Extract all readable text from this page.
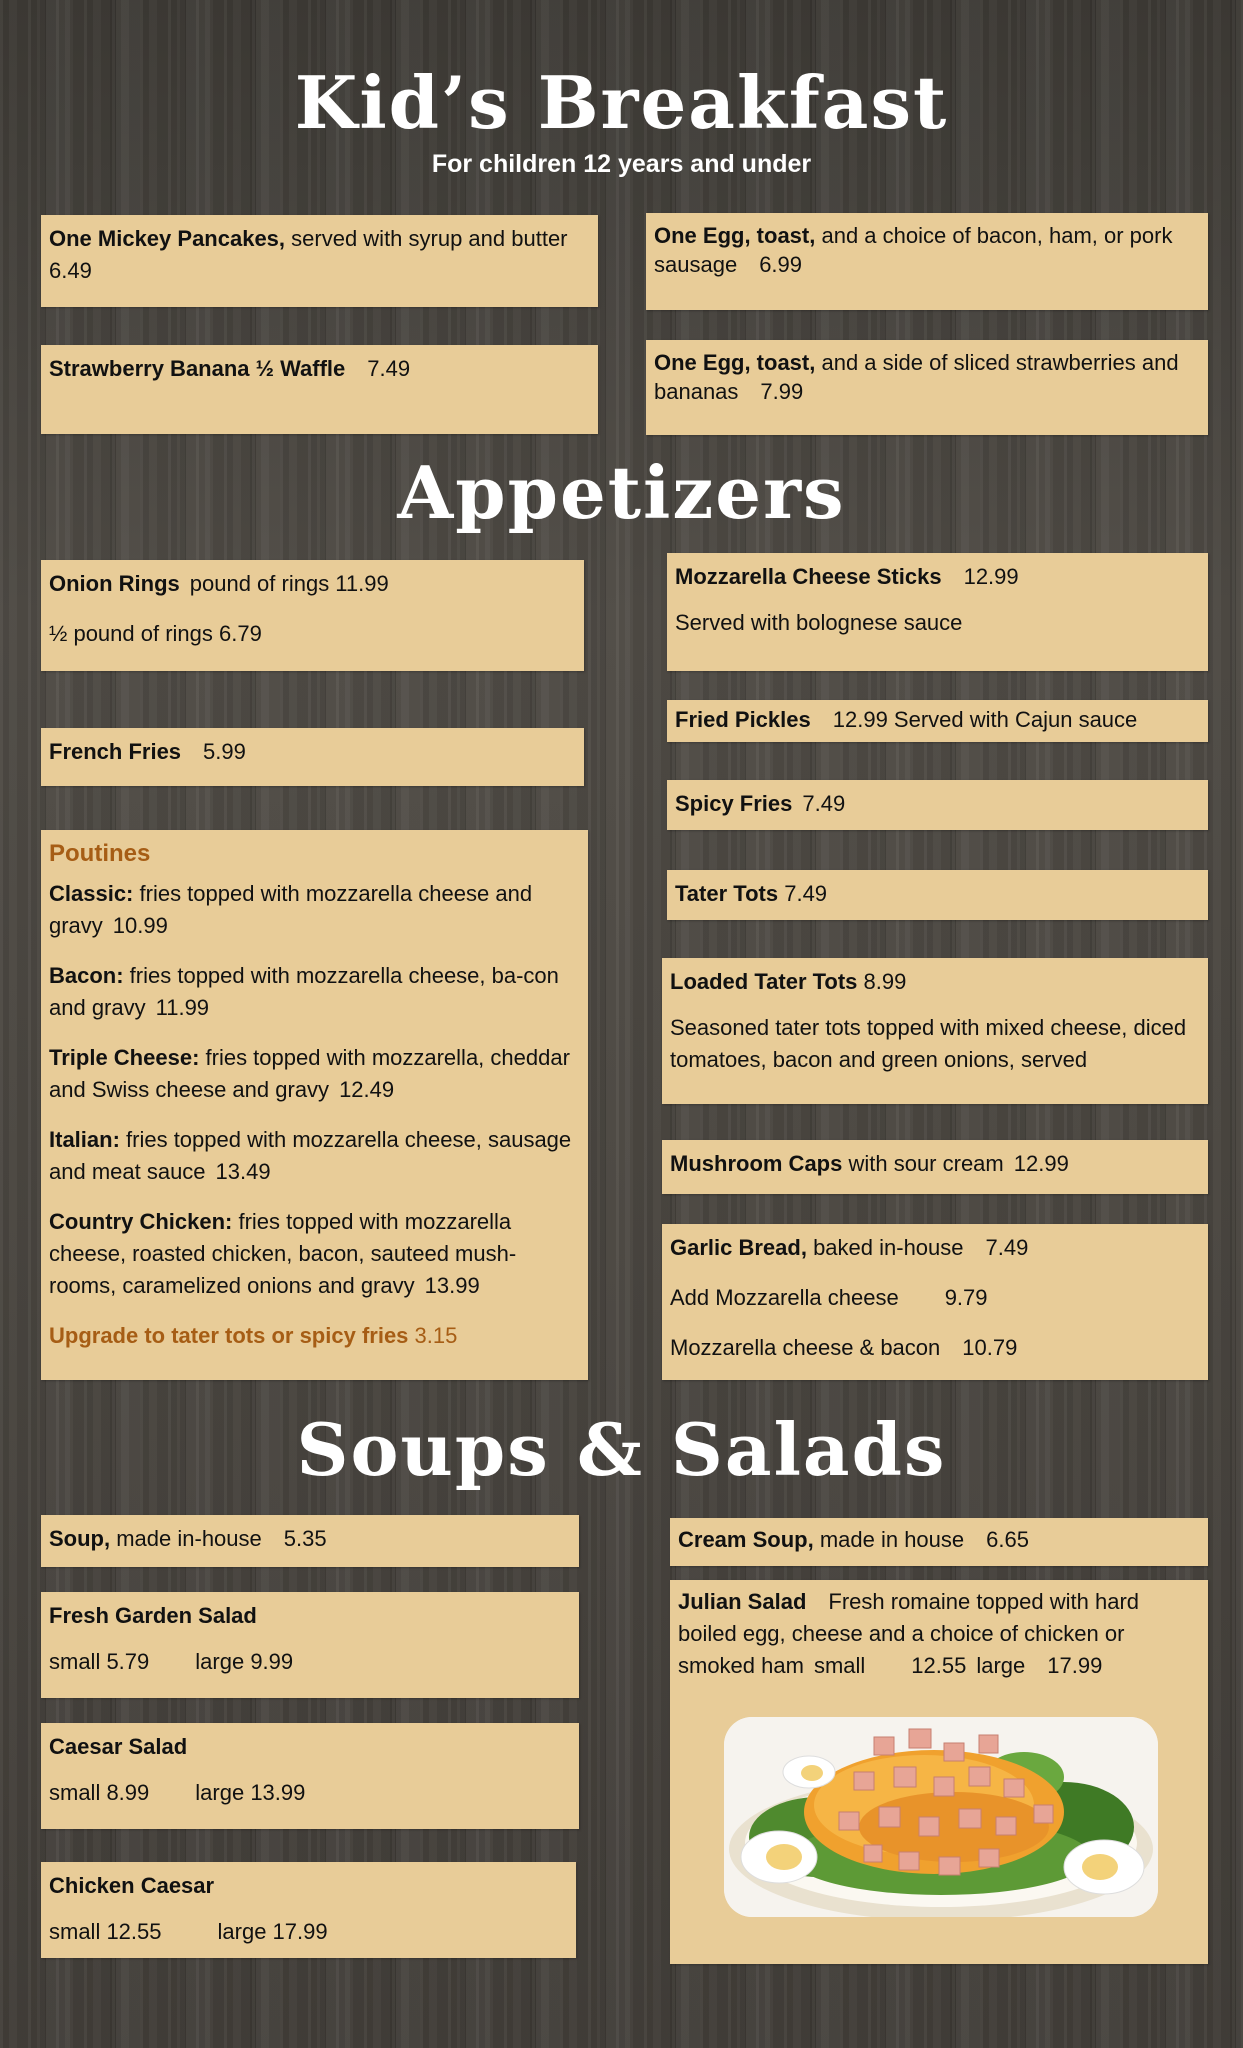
Kid’s Breakfast
For children 12 years and under
One Mickey Pancakes, served with syrup and butter6.49
Strawberry Banana ½ Waffle 7.49
One Egg, toast, and a choice of bacon, ham, or pork sausage 6.99
One Egg, toast, and a side of sliced strawberries and bananas 7.99
Appetizers

Onion Rings pound of rings 11.99

½ pound of rings 6.79

French Fries 5.99

Poutines

Classic: fries topped with mozzarella cheese and gravy 10.99

Bacon: fries topped with mozzarella cheese, ba-con and gravy 11.99

Triple Cheese: fries topped with mozzarella, cheddar and Swiss cheese and gravy 12.49

Italian: fries topped with mozzarella cheese, sausage and meat sauce 13.49

Country Chicken: fries topped with mozzarella cheese, roasted chicken, bacon, sauteed mush-rooms, caramelized onions and gravy 13.99

Upgrade to tater tots or spicy fries 3.15

Mozzarella Cheese Sticks 12.99

Served with bolognese sauce

Fried Pickles 12.99 Served with Cajun sauce
Spicy Fries 7.49
Tater Tots 7.49

Loaded Tater Tots 8.99

Seasoned tater tots topped with mixed cheese, diced tomatoes, bacon and green onions, served

Mushroom Caps with sour cream 12.99

Garlic Bread, baked in-house 7.49

Add Mozzarella cheese 9.79

Mozzarella cheese & bacon 10.79

Soups & Salads
Soup, made in-house 5.35

Fresh Garden Salad

small 5.79 large 9.99

Caesar Salad

small 8.99 large 13.99

Chicken Caesar

small 12.55	large 17.99

Cream Soup, made in house 6.65

Julian Salad Fresh romaine topped with hard boiled egg, cheese and a choice of chicken or smoked ham small 12.55 large 17.99
